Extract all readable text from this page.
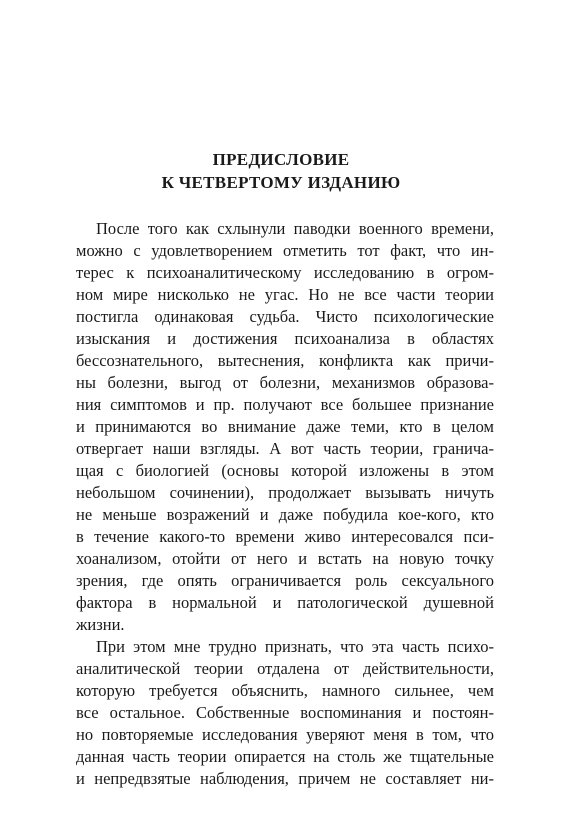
ПРЕДИСЛОВИЕ
К ЧЕТВЕРТОМУ ИЗДАНИЮ

После того как схлынули паводки военного времени,

можно с удовлетворением отметить тот факт, что ин-

терес к психоаналитическому исследованию в огром-

ном мире нисколько не угас. Но не все части теории

постигла одинаковая судьба. Чисто психологические

изыскания и достижения психоанализа в областях

бессознательного, вытеснения, конфликта как причи-

ны болезни, выгод от болезни, механизмов образова-

ния симптомов и пр. получают все большее признание

и принимаются во внимание даже теми, кто в целом

отвергает наши взгляды. А вот часть теории, гранича-

щая с биологией (основы которой изложены в этом

небольшом сочинении), продолжает вызывать ничуть

не меньше возражений и даже побудила кое-кого, кто

в течение какого-то времени живо интересовался пси-

хоанализом, отойти от него и встать на новую точку

зрения, где опять ограничивается роль сексуального

фактора в нормальной и патологической душевной

жизни.

При этом мне трудно признать, что эта часть психо-

аналитической теории отдалена от действительности,

которую требуется объяснить, намного сильнее, чем

все остальное. Собственные воспоминания и постоян-

но повторяемые исследования уверяют меня в том, что

данная часть теории опирается на столь же тщательные

и непредвзятые наблюдения, причем не составляет ни-
